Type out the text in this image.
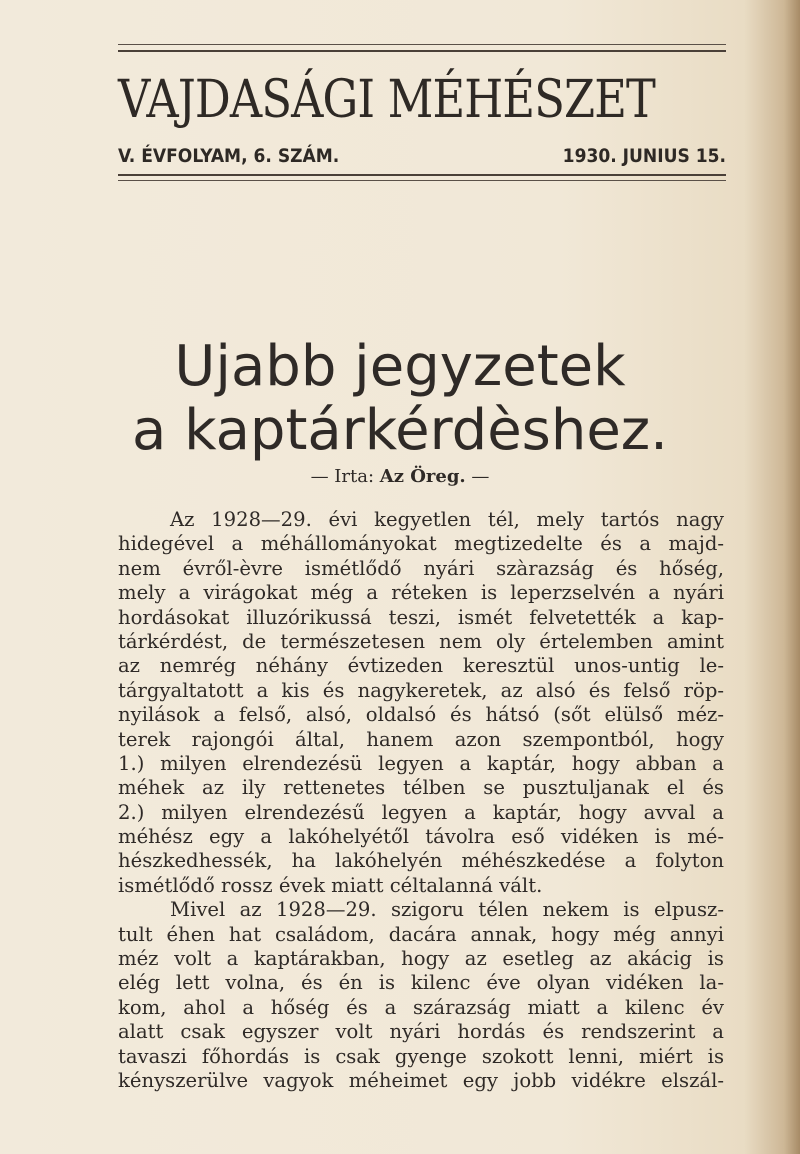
VAJDASÁGI MÉHÉSZET
V. ÉVFOLYAM, 6. SZÁM.	1930. JUNIUS 15.
Ujabb jegyzetek
a kaptárkérdèshez.
— Irta: Az Öreg. —
Az 1928—29. évi kegyetlen tél, mely tartós nagy
hidegével a méhállományokat megtizedelte és a majd-
nem évről-èvre ismétlődő nyári szàrazság és hőség,
mely a virágokat még a réteken is leperzselvén a nyári
hordásokat illuzórikussá teszi, ismét felvetették a kap-
tárkérdést, de természetesen nem oly értelemben amint
az nemrég néhány évtizeden keresztül unos-untig le-
tárgyaltatott a kis és nagykeretek, az alsó és felső röp-
nyilások a felső, alsó, oldalsó és hátsó (sőt elülső méz-
terek rajongói által, hanem azon szempontból, hogy
1.) milyen elrendezésü legyen a kaptár, hogy abban a
méhek az ily rettenetes télben se pusztuljanak el és
2.) milyen elrendezésű legyen a kaptár, hogy avval a
méhész egy a lakóhelyétől távolra eső vidéken is mé-
hészkedhessék, ha lakóhelyén méhészkedése a folyton
ismétlődő rossz évek miatt céltalanná vált.
Mivel az 1928—29. szigoru télen nekem is elpusz-
tult éhen hat családom, dacára annak, hogy még annyi
méz volt a kaptárakban, hogy az esetleg az akácig is
elég lett volna, és én is kilenc éve olyan vidéken la-
kom, ahol a hőség és a szárazság miatt a kilenc év
alatt csak egyszer volt nyári hordás és rendszerint a
tavaszi főhordás is csak gyenge szokott lenni, miért is
kényszerülve vagyok méheimet egy jobb vidékre elszál-
